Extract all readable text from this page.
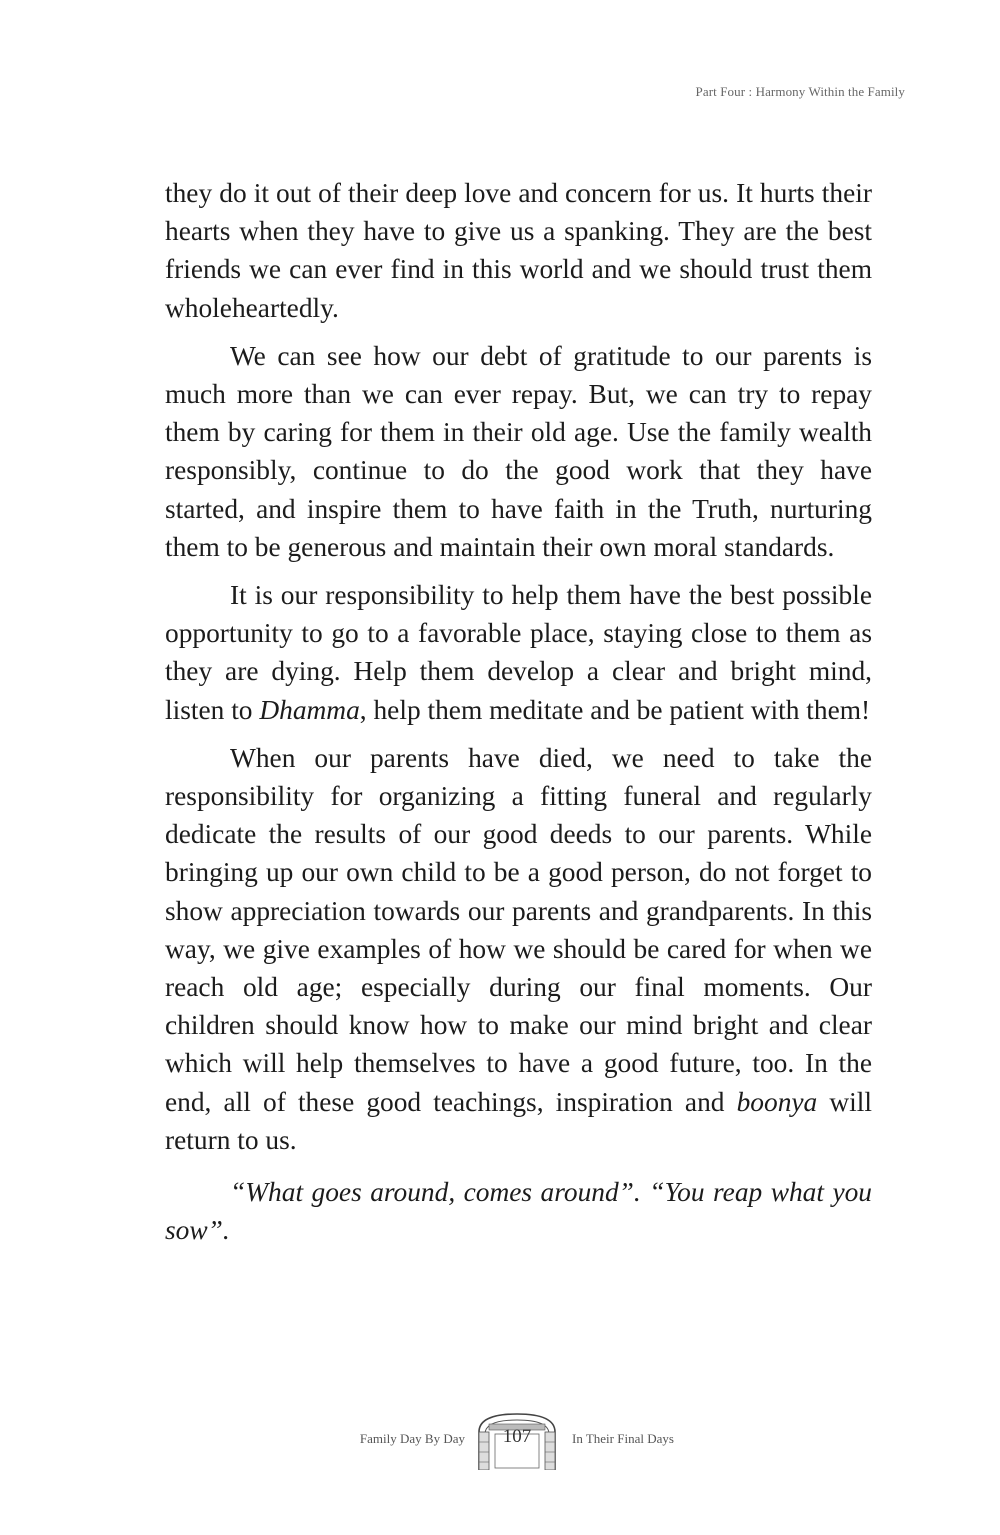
Part Four : Harmony Within the Family

they do it out of their deep love and concern for us. It hurts their hearts when they have to give us a spanking. They are the best friends we can ever find in this world and we should trust them wholeheartedly.

We can see how our debt of gratitude to our parents is much more than we can ever repay. But, we can try to repay them by caring for them in their old age. Use the family wealth responsibly, continue to do the good work that they have started, and inspire them to have faith in the Truth, nurturing them to be generous and maintain their own moral standards.

It is our responsibility to help them have the best possible opportunity to go to a favorable place, staying close to them as they are dying. Help them develop a clear and bright mind, listen to Dhamma, help them meditate and be patient with them!

When our parents have died, we need to take the responsibility for organizing a fitting funeral and regularly dedicate the results of our good deeds to our parents. While bringing up our own child to be a good person, do not forget to show appreciation towards our parents and grandparents. In this way, we give examples of how we should be cared for when we reach old age; especially during our final moments. Our children should know how to make our mind bright and clear which will help themselves to have a good future, too. In the end, all of these good teachings, inspiration and boonya will return to us.

“What goes around, comes around”. “You reap what you sow”.

Family Day By Day	107	In Their Final Days
